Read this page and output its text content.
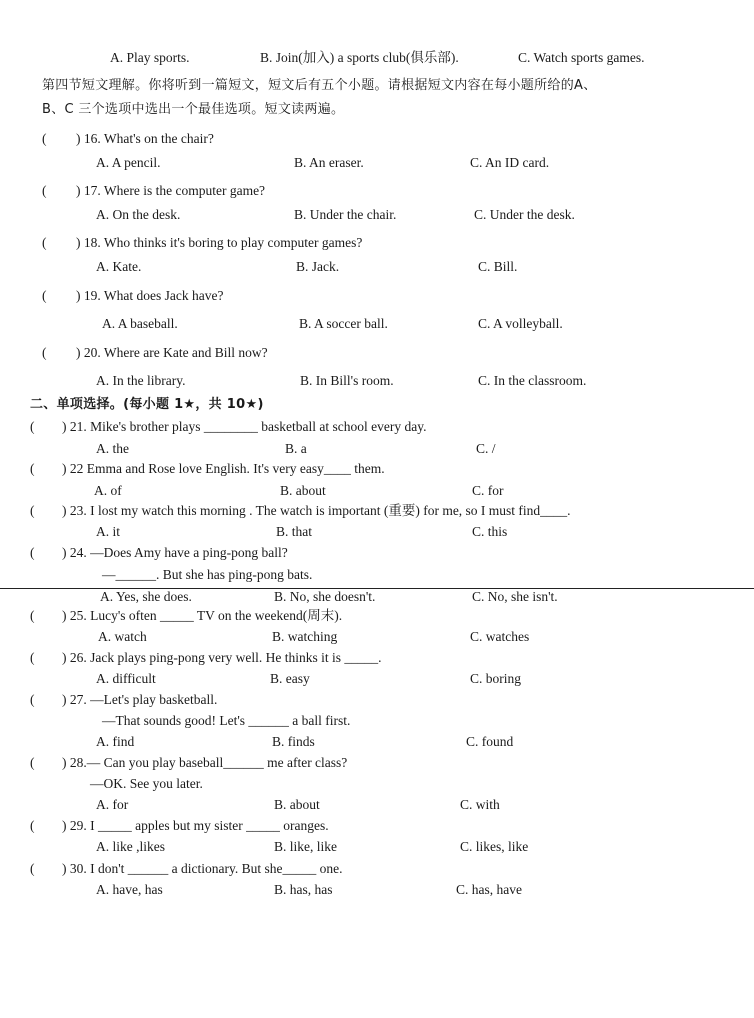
A. Play sports.	B. Join(加入) a sports club(俱乐部).	C. Watch sports games.
第四节短文理解。你将听到一篇短文，短文后有五个小题。请根据短文内容在每小题所给的A、
B、C 三个选项中选出一个最佳选项。短文读两遍。
( ) 16. What's on the chair?
A. A pencil.	B. An eraser.	C. An ID card.
( ) 17. Where is the computer game?
A. On the desk.	B. Under the chair.	C. Under the desk.
( ) 18. Who thinks it's boring to play computer games?
A. Kate.	B. Jack.	C. Bill.
( ) 19. What does Jack have?
A. A baseball.	B. A soccer ball.	C. A volleyball.
( ) 20. Where are Kate and Bill now?
A. In the library.	B. In Bill's room.	C. In the classroom.
二、单项选择。(每小题 1★，共 10★)
( ) 21. Mike's brother plays ________ basketball at school every day.
A. the	B. a	C. /
( ) 22 Emma and Rose love English. It's very easy____ them.
A. of	B. about	C. for
( ) 23. I lost my watch this morning . The watch is important (重要) for me, so I must find____.
A. it	B. that	C. this
( ) 24. —Does Amy have a ping-pong ball?
—______. But she has ping-pong bats.
A. Yes, she does.	B. No, she doesn't.	C. No, she isn't.
( ) 25. Lucy's often _____ TV on the weekend(周末).
A. watch	B. watching	C. watches
( ) 26. Jack plays ping-pong very well. He thinks it is _____.
A. difficult	B. easy	C. boring
( ) 27. —Let's play basketball.
—That sounds good! Let's ______ a ball first.
A. find	B. finds	C. found
( ) 28.— Can you play baseball______ me after class?
—OK. See you later.
A. for	B. about	C. with
( ) 29. I _____ apples but my sister _____ oranges.
A. like ,likes	B. like, like	C. likes, like
( ) 30. I don't ______ a dictionary. But she_____ one.
A. have, has	B. has, has	C. has, have
